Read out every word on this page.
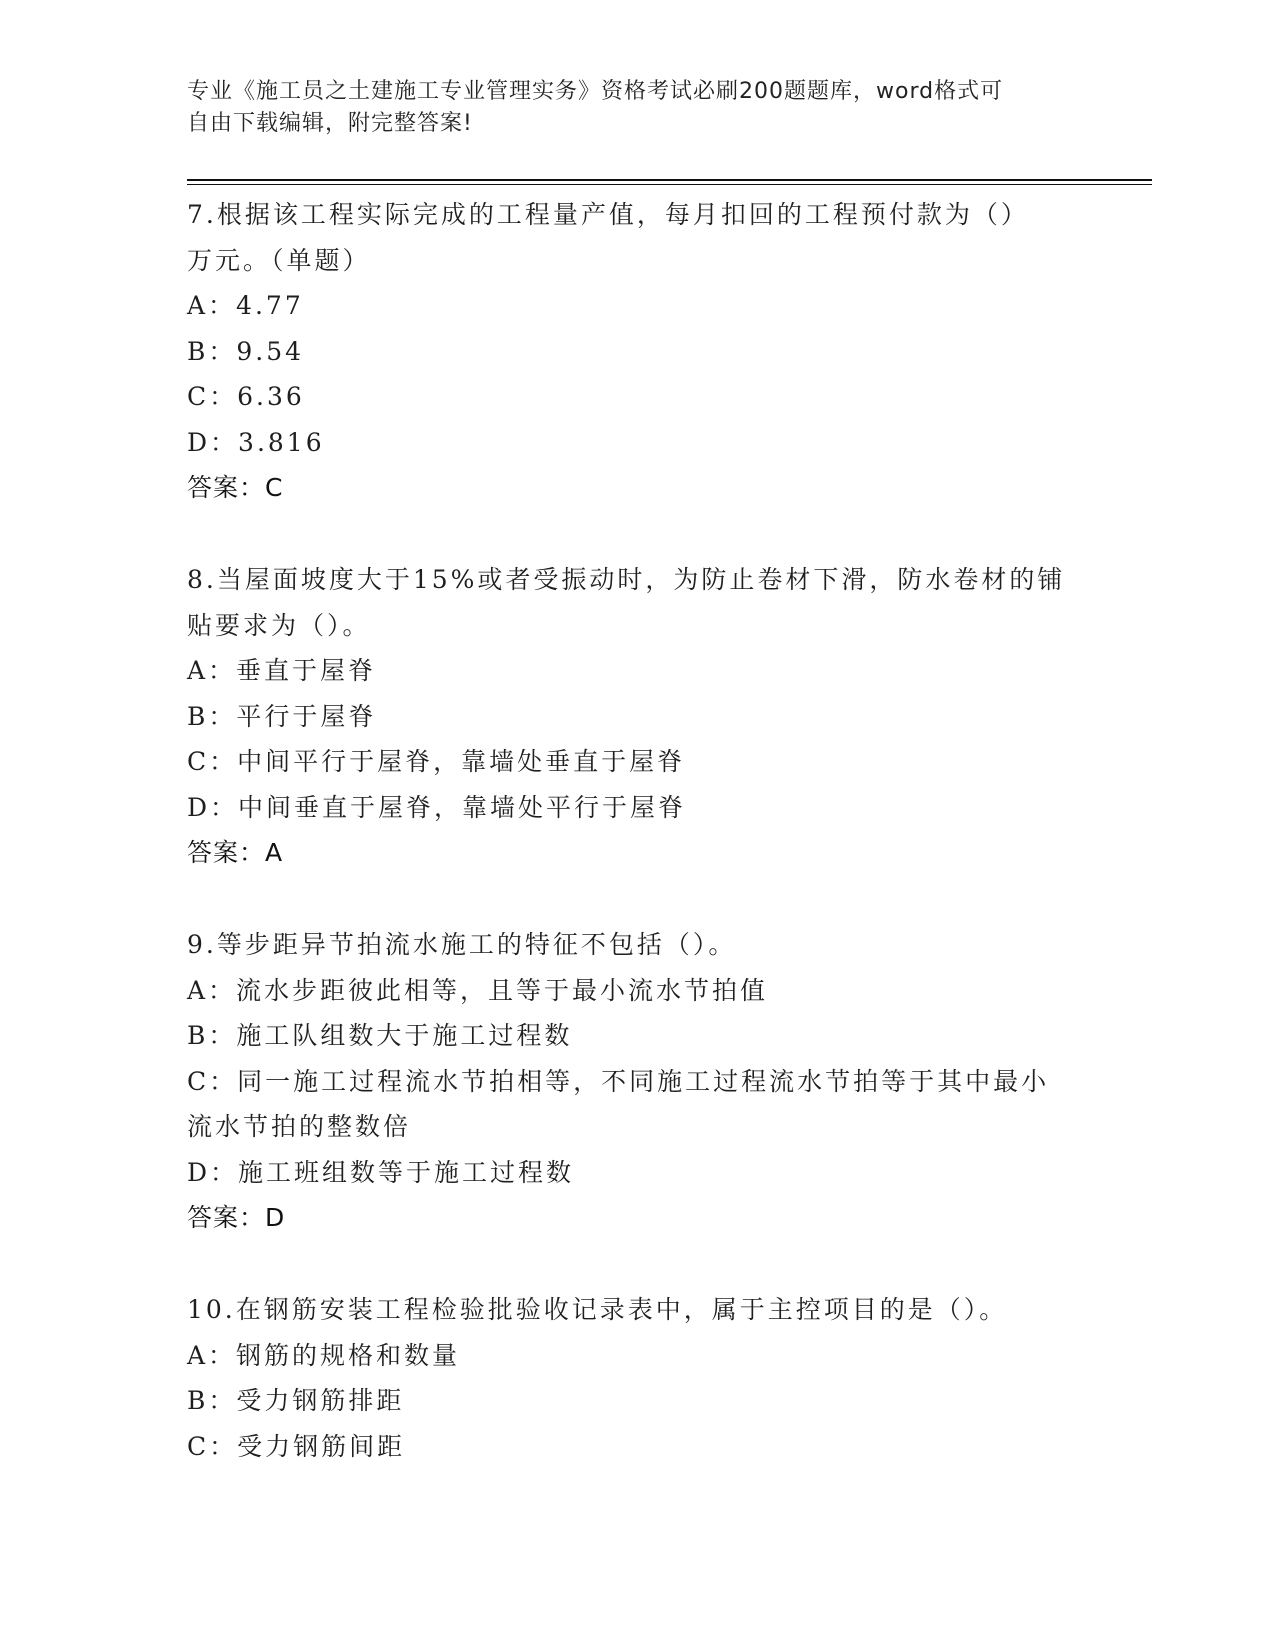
专业《施工员之土建施工专业管理实务》资格考试必刷200题题库，word格式可
自由下载编辑，附完整答案!
7.根据该工程实际完成的工程量产值，每月扣回的工程预付款为（）
万元。（单题）
A：4.77
B：9.54
C：6.36
D：3.816
答案：C
8.当屋面坡度大于15%或者受振动时，为防止卷材下滑，防水卷材的铺
贴要求为（）。
A：垂直于屋脊
B：平行于屋脊
C：中间平行于屋脊，靠墙处垂直于屋脊
D：中间垂直于屋脊，靠墙处平行于屋脊
答案：A
9.等步距异节拍流水施工的特征不包括（）。
A：流水步距彼此相等，且等于最小流水节拍值
B：施工队组数大于施工过程数
C：同一施工过程流水节拍相等，不同施工过程流水节拍等于其中最小
流水节拍的整数倍
D：施工班组数等于施工过程数
答案：D
10.在钢筋安装工程检验批验收记录表中，属于主控项目的是（）。
A：钢筋的规格和数量
B：受力钢筋排距
C：受力钢筋间距
